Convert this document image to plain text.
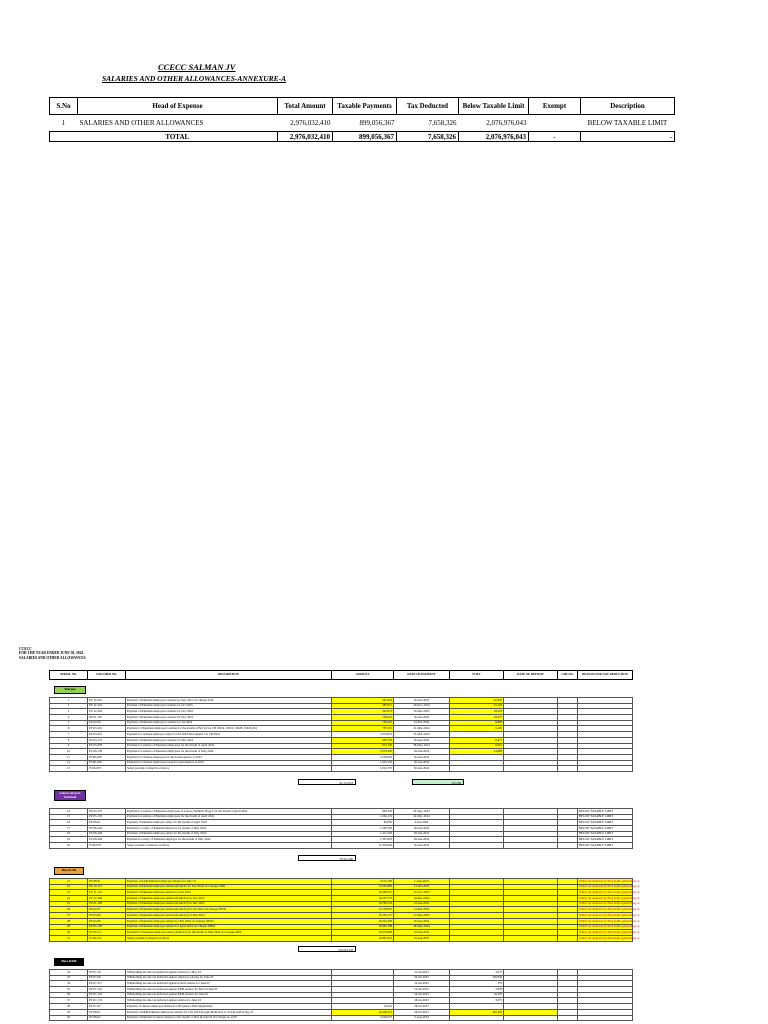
CCECC SALMAN JV
SALARIES AND OTHER ALLOWANCES-ANNEXURE-A
S.No	Head of Expense	Total Amount	Taxable Payments	Tax Deducted	Below Taxable Limit	Exempt	Description
1	SALARIES AND OTHER ALLOWANCES	2,976,032,410	899,056,367	7,658,326	2,076,976,043		BELOW TAXABLE LIMIT
	TOTAL	2,976,032,410	899,056,367	7,658,326	2,076,976,043	-	-
CCECC
FOR THE YEAR ENDED JUNE 30, 2024
SALARIES AND OTHER ALLOWANCES
SERIAL NO.	VOUCHER NO.	DESCRIPTION	AMOUNT	DATE OF PAYMENT	W.H.T	DATE OF DEPOSIT	CPR NO.	REASON FOR NOT DEDUCTION
Sherpao
91,151,933	125,509
Lahore Airport
Terminal
39,501,566
Bara KAR
219,524,158
Bara KKH
1	PV-10-301	Payment of Pakistani employee's salaries for Sep 2023 via Cheque 0102	281,036	30-Oct-2023	42,856			
2	PV-11-042	Payment of Pakistani employee's salaries for Oct 2023	387,071	30-Nov-2023	31,529			
3	PV-12-304	Payment of Pakistani employee's salaries for Nov 2023	502,073	30-Dec-2023	18,218			
4	PV-01-105	Payment of Pakistani employee's salaries for Dec 2023	738,425	30-Jan-2024	18,275			
5	PV-02-06	Payment of Pakistani employee's salaries for Jan 2024	738,425	23-Feb-2024	8,896			
6	PV-03-101	Payment for Pakistani employee's salaries for the month of Feb 24 via CH 19019, 19019, 19028, 19024 (19)	787,001	21-Mar-2024	9,209			
7	PV-03-201	Payment for Chinese employee salary for the 2023 third quarter via CH 2024	2,374,019	31-Mar-2024				
8	PV-04-175	Payment of Pakistani employee's salaries for Mar 2024	928,700	30-Apr-2024	8,475			
9	PV-05-058	Payment for salaries of Pakistani employees for the month of April 2024	972,130	28-May-2024	9,910			
10	PV-06-158	Payment for salaries of Pakistani employees for the month of May 2024	1,078,305	28-Jun-2024	23,898			
11	PV06-028	Payment for Chinese employees for the fourth quarter of 2023	2,228,093	30-Jun-2024				
12	PV06-028	Payment for Chinese employees bonus for performance of 2023	1,645,536	30-Jun-2024				
13	JV06-070	Salary payable at June'24 or before	1,014,770	30-Jun-2024				
14	PV-05-137	Payment for salaries of Pakistani employees of Lahore Terminal Project for the month of April 2024	998,330	20-May-2024				BELOW TAXABLE LIMIT
15	PV-05-176	Payment for salaries of Pakistani employees for the month of April 2024	1,064,174	24-May-2024				BELOW TAXABLE LIMIT
16	PV-06-01	Payment of Pakistani employee salary for the month of April 2024	82,650	4-Jun-2024				BELOW TAXABLE LIMIT
17	PV-06-244	Payment for salary of Pakistani employee for month of May 2024	1,583,559	26-Jun-2024				BELOW TAXABLE LIMIT
18	PV-06-246	Payment of Pakistani employee salary for the month of May 2024	1,411,520	26-Jun-2024				BELOW TAXABLE LIMIT
19	PV-06-269	Payment for salary of Pakistani employee for the month of May 2024	1,391,003	28-Jun-2024				BELOW TAXABLE LIMIT
20	JV06-070	Salary payable at June'24 or before	11,916,004	30-Jun-2024				BELOW TAXABLE LIMIT
21	PV-08-01	Payment of KAR Pakistani employee salaries for July 23	3,572,100	1-Aug-2023				Which tax deducted by Bara KAR against Rozy at
22	PV-10-112	Payment of Pakistani employee salaries (KAR-01 for Sep 2023) via Cheque 3280	13,193,606	13-Oct-2023				Which tax deducted by Bara KAR against Rozy at
23	PV-11-143	Payment of Pakistani employee salaries for Oct 2023	16,588,331	17-Nov-2023				Which tax deducted by Bara KAR against Rozy at
24	PV-12-108	Payment of Pakistani employee salaries (KAR-01) for Nov 2023	16,167,570	19-Dec-2023				Which tax deducted by Bara KAR against Rozy at
25	PV-01-108	Payment of Pakistani employee salaries (KAR-01) for Dec 2023	16,798,153	22-Jan-2024				Which tax deducted by Bara KAR against Rozy at
26	PV-02-97	Payment of Pakistani employee salaries (KAR-01) for Jan 2024 via Cheque 36530	15,778,910	14-Feb-2024				Which tax deducted by Bara KAR against Rozy at
27	PV-03-96	Payment of Pakistani employee salaries (KAR-01) for Mar 2024	16,181,117	17-Mar-2024				Which tax deducted by Bara KAR against Rozy at
28	PV-04-96	Payment of Pakistani employee salaries for Feb 2024 via Cheque 36534	16,324,349	20-Apr-2024				Which tax deducted by Bara KAR against Rozy at
29	PV-05-138	Payment of Pakistani employee salaries for April 2024 via Cheque 36803	16,981,788	18-May-2024				Which tax deducted by Bara KAR against Rozy at
30	PV-06-111	Payment for Pakistani employee salary (KAR-01) for the month of May 2024 via Cheque 4959	16,079,608	18-Jun-2024				Which tax deducted by Bara KAR against Rozy at
31	JV-06-272	Salary payable at June'24 or before	14,991,918	19-Jun-2023				Which tax deducted by Bara KAR against Rozy at
32	PV-07-16	Withholding income tax deducted against salaries for May 23		31-Jul-2023	3,075			
33	PV-07-99	Withholding income tax deducted against employee salaries for June 23		20-Jul-2023	199,830			
34	PV-07-117	Withholding income tax deducted against branch salaries for June'23		23-Jul-2023	379			
35	PV-07-122	Withholding income tax deducted against KKH salaries for Mar 24 June'23		23-Jul-2023	3,838			
36	PV-07-123	Withholding income tax deducted against KKH salaries for June'23		24-Jul-2023	16,305			
37	PV-07-174	Withholding income tax deducted against salaries for June 23		28-Jul-2023	3,075			
38	PV-07-95	Payment of chinese employee salaries for 4th quarter 2022 adjustments	19,201	28-Jul-2023				
39	PV-08-01	Payment of KKH Pakistani employees salaries for July 2023 through Multi-Nos to 31,244 paid in Sep 23	44,428,313	28-Jul-2023	282,302			
40	PV-08-02	Payment of Pakistani workers salaries for the month of May & June'23 via Cheque no 2270	4,329,637	3-Aug-2023				
